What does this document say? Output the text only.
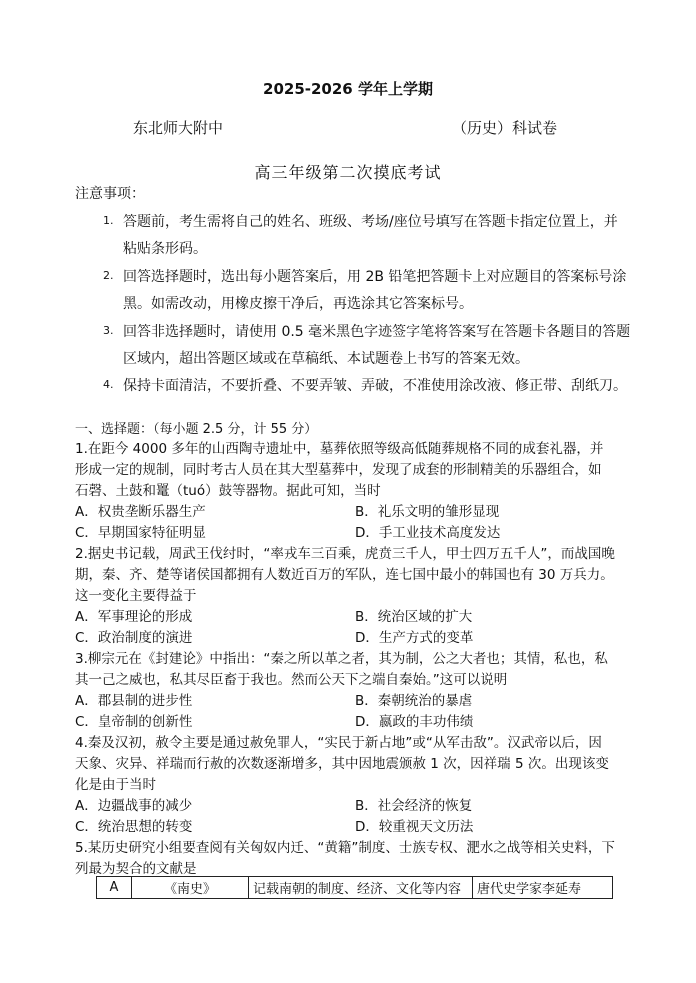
2025-2026 学年上学期
东北师大附中	（历史）科试卷
高三年级第二次摸底考试
注意事项：
1. 答题前，考生需将自己的姓名、班级、考场/座位号填写在答题卡指定位置上，并
粘贴条形码。
2. 回答选择题时，选出每小题答案后，用 2B 铅笔把答题卡上对应题目的答案标号涂
黑。如需改动，用橡皮擦干净后，再选涂其它答案标号。
3. 回答非选择题时，请使用 0.5 毫米黑色字迹签字笔将答案写在答题卡各题目的答题
区域内，超出答题区域或在草稿纸、本试题卷上书写的答案无效。
4. 保持卡面清洁，不要折叠、不要弄皱、弄破，不准使用涂改液、修正带、刮纸刀。
一、选择题：（每小题 2.5 分，计 55 分）
1.在距今 4000 多年的山西陶寺遗址中，墓葬依照等级高低随葬规格不同的成套礼器，并
形成一定的规制，同时考古人员在其大型墓葬中，发现了成套的形制精美的乐器组合，如
石磬、土鼓和鼍（tuó）鼓等器物。据此可知，当时
A．权贵垄断乐器生产	B．礼乐文明的雏形显现
C．早期国家特征明显	D．手工业技术高度发达
2.据史书记载，周武王伐纣时，“率戎车三百乘，虎贲三千人，甲士四万五千人”，而战国晚
期，秦、齐、楚等诸侯国都拥有人数近百万的军队，连七国中最小的韩国也有 30 万兵力。
这一变化主要得益于
A．军事理论的形成	B．统治区域的扩大
C．政治制度的演进	D．生产方式的变革
3.柳宗元在《封建论》中指出：“秦之所以革之者，其为制，公之大者也；其情，私也，私
其一己之威也，私其尽臣畜于我也。然而公天下之端自秦始。”这可以说明
A．郡县制的进步性	B．秦朝统治的暴虐
C．皇帝制的创新性	D．嬴政的丰功伟绩
4.秦及汉初，赦令主要是通过赦免罪人，“实民于新占地”或“从军击敌”。汉武帝以后，因
天象、灾异、祥瑞而行赦的次数逐渐增多，其中因地震颁赦 1 次，因祥瑞 5 次。出现该变
化是由于当时
A．边疆战事的减少	B．社会经济的恢复
C．统治思想的转变	D．较重视天文历法
5.某历史研究小组要查阅有关匈奴内迁、“黄籍”制度、士族专权、淝水之战等相关史料，下
列最为契合的文献是
A	《南史》	记载南朝的制度、经济、文化等内容	唐代史学家李延寿
